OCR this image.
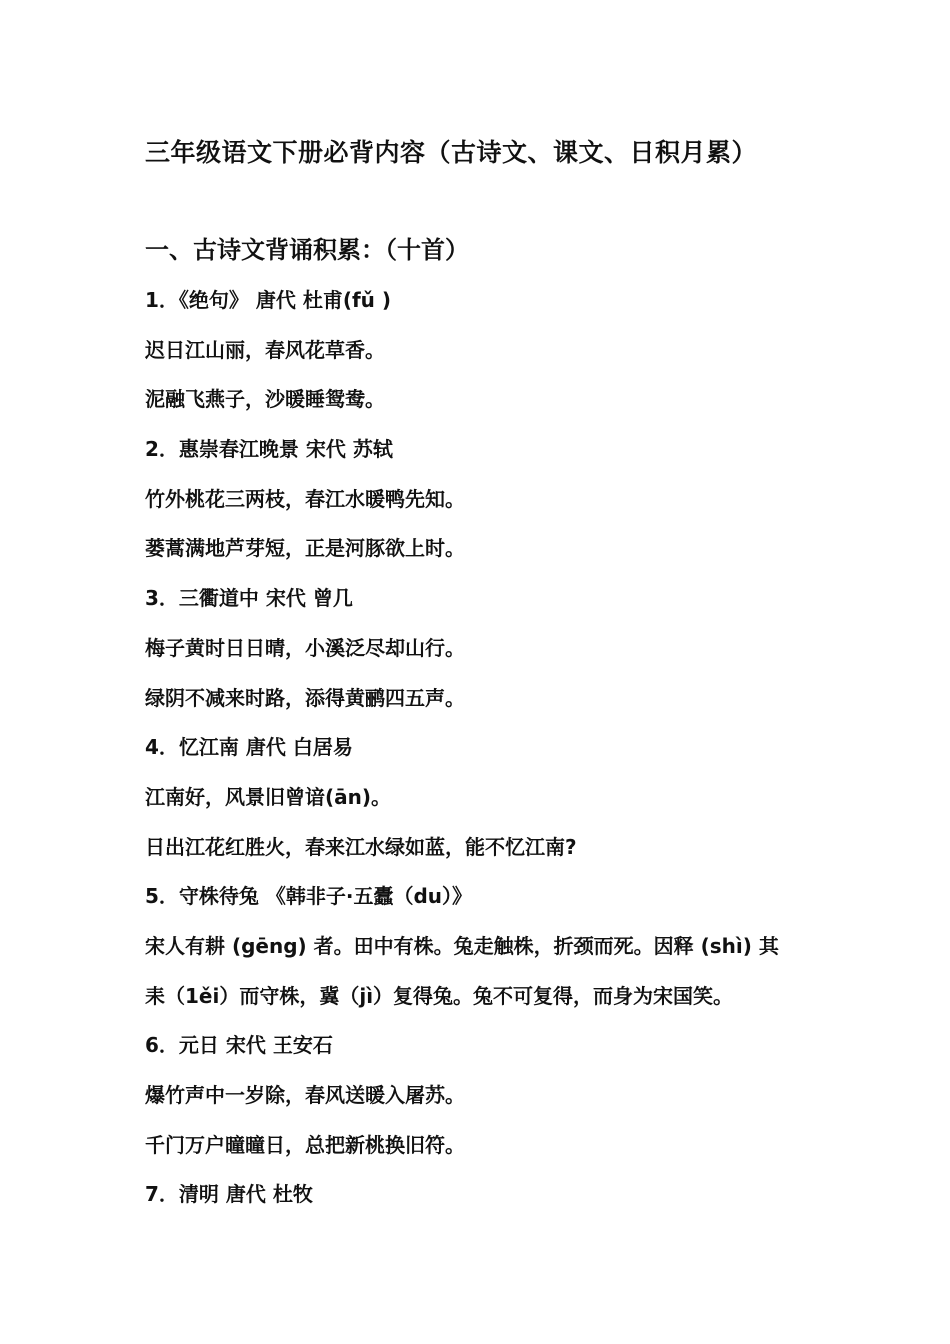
三年级语文下册必背内容（古诗文、课文、日积月累）
一、古诗文背诵积累：（十首）
1．《绝句》 唐代 杜甫(fǔ )
迟日江山丽，春风花草香。
泥融飞燕子，沙暖睡鸳鸯。
2．惠崇春江晚景 宋代 苏轼
竹外桃花三两枝，春江水暖鸭先知。
蒌蒿满地芦芽短，正是河豚欲上时。
3．三衢道中 宋代 曾几
梅子黄时日日晴，小溪泛尽却山行。
绿阴不减来时路，添得黄鹂四五声。
4．忆江南 唐代 白居易
江南好，风景旧曾谙(ān)。
日出江花红胜火，春来江水绿如蓝，能不忆江南?
5．守株待兔 《韩非子·五蠹（du）》
宋人有耕 (gēng) 者。田中有株。兔走触株，折颈而死。因释 (shì) 其
耒（1ěi）而守株，冀（jì）复得兔。兔不可复得，而身为宋国笑。
6．元日 宋代 王安石
爆竹声中一岁除，春风送暖入屠苏。
千门万户曈曈日，总把新桃换旧符。
7．清明 唐代 杜牧
